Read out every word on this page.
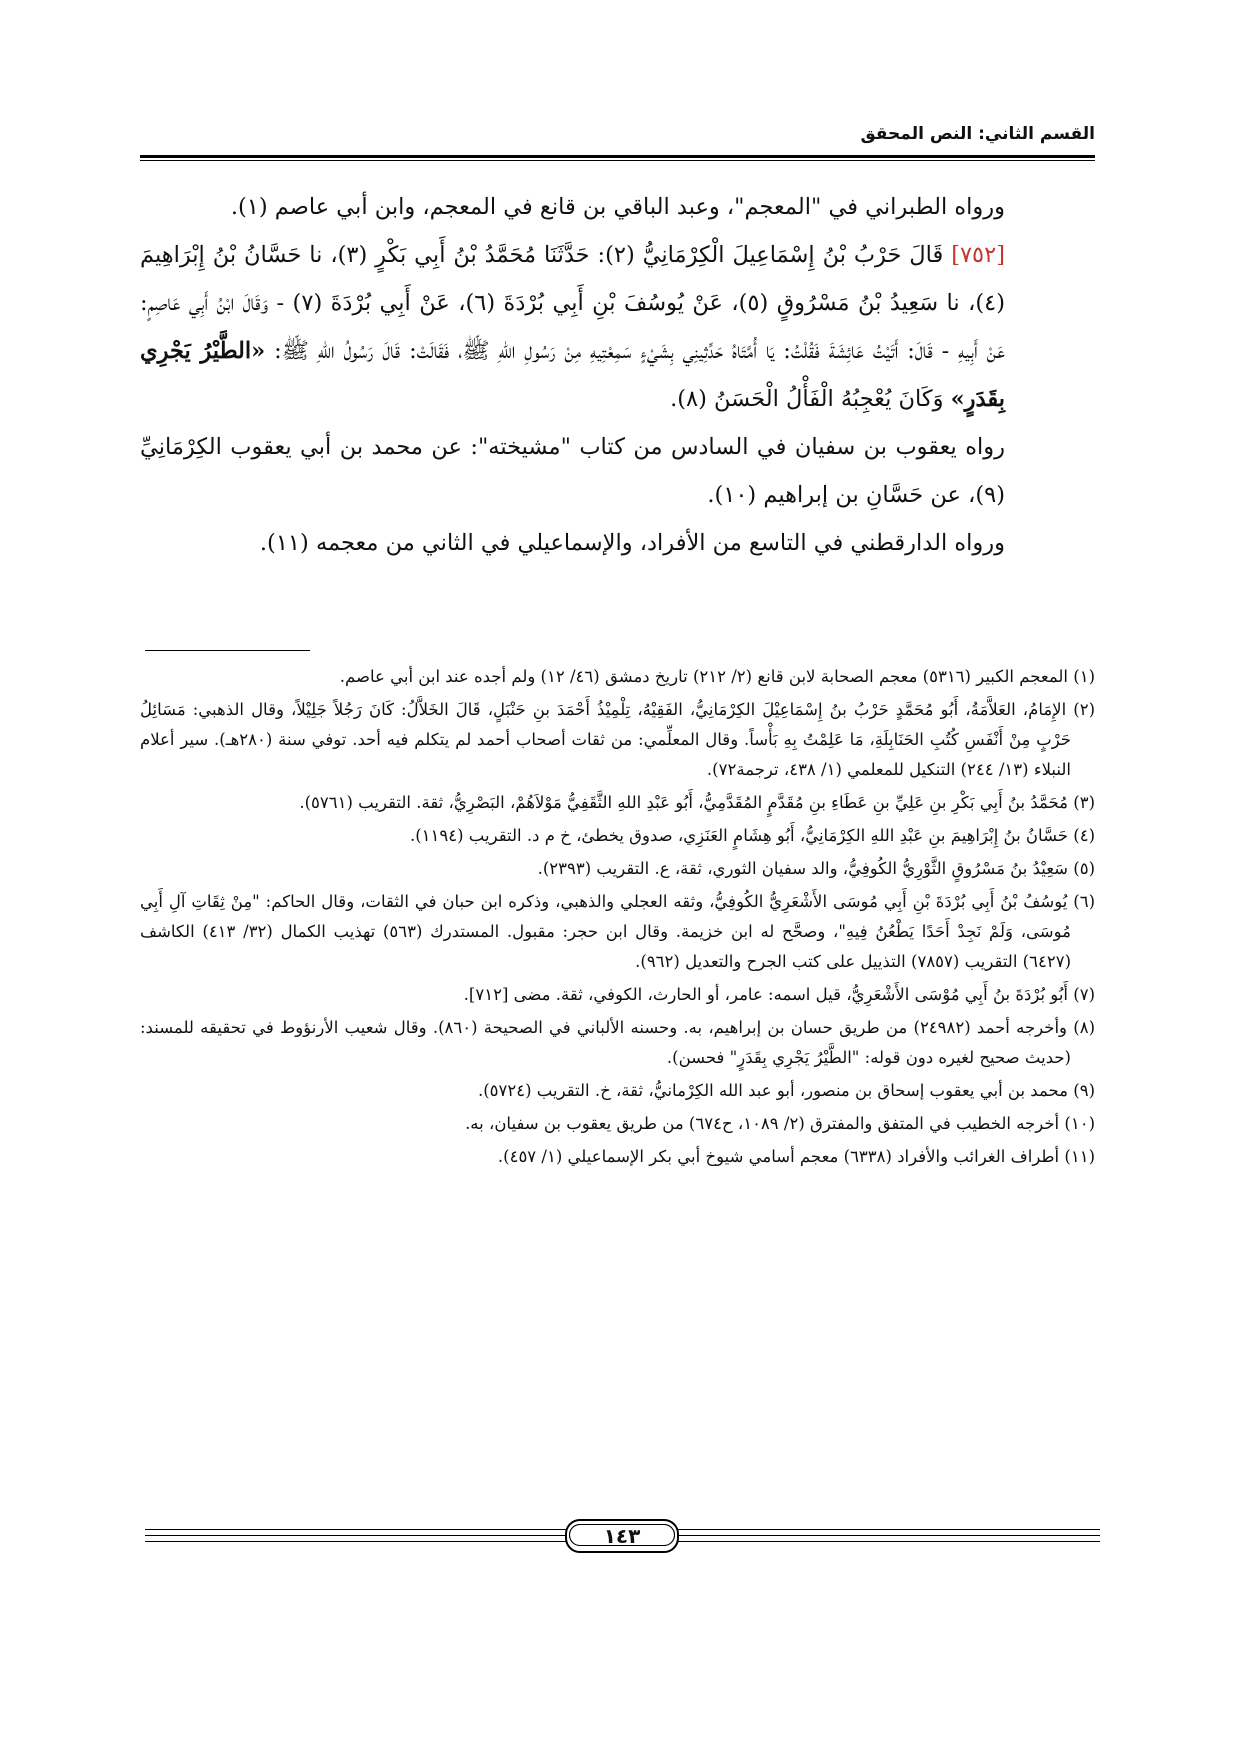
القسم الثاني: النص المحقق

ورواه الطبراني في "المعجم"، وعبد الباقي بن قانع في المعجم، وابن أبي عاصم (١).

[٧٥٢] قَالَ حَرْبُ بْنُ إِسْمَاعِيلَ الْكِرْمَانِيُّ (٢): حَدَّثَنَا مُحَمَّدُ بْنُ أَبِي بَكْرٍ (٣)، نا حَسَّانُ بْنُ إِبْرَاهِيمَ (٤)، نا سَعِيدُ بْنُ مَسْرُوقٍ (٥)، عَنْ يُوسُفَ بْنِ أَبِي بُرْدَةَ (٦)، عَنْ أَبِي بُرْدَةَ (٧) - وَقَالَ ابْنُ أَبِي عَاصِمٍ: عَنْ أَبِيهِ - قَالَ: أَتَيْتُ عَائِشَةَ فَقُلْتُ: يَا أُمَّتَاهُ حَدِّثِينِي بِشَيْءٍ سَمِعْتِيهِ مِنْ رَسُولِ اللهِ ﷺ، فَقَالَتْ: قَالَ رَسُولُ اللهِ ﷺ: «الطَّيْرُ يَجْرِي بِقَدَرٍ» وَكَانَ يُعْجِبُهُ الْفَأْلُ الْحَسَنُ (٨).

رواه يعقوب بن سفيان في السادس من كتاب "مشيخته": عن محمد بن أبي يعقوب الكِرْمَانِيِّ (٩)، عن حَسَّانِ بن إبراهيم (١٠).

ورواه الدارقطني في التاسع من الأفراد، والإسماعيلي في الثاني من معجمه (١١).

(١) المعجم الكبير (٥٣١٦) معجم الصحابة لابن قانع (٢/ ٢١٢) تاريخ دمشق (٤٦/ ١٢) ولم أجده عند ابن أبي عاصم.

(٢) الإِمَامُ، العَلاَّمَةُ، أَبُو مُحَمَّدٍ حَرْبُ بنُ إِسْمَاعِيْلَ الكِرْمَانِيُّ، الفَقِيْهُ، تِلْمِيْذُ أَحْمَدَ بنِ حَنْبَلٍ، قَالَ الخَلاَّلُ: كَانَ رَجُلاً جَلِيْلاً، وقال الذهبي: مَسَائِلُ حَرْبٍ مِنْ أَنْفَسِ كُتُبِ الحَنَابِلَةِ، مَا عَلِمْتُ بِهِ بَأْساً. وقال المعلِّمي: من ثقات أصحاب أحمد لم يتكلم فيه أحد. توفي سنة (٢٨٠هـ). سير أعلام النبلاء (١٣/ ٢٤٤) التنكيل للمعلمي (١/ ٤٣٨، ترجمة٧٢).

(٣) مُحَمَّدُ بنُ أَبِي بَكْرِ بنِ عَلِيِّ بنِ عَطَاءِ بنِ مُقَدَّمٍ المُقَدَّمِيُّ، أَبُو عَبْدِ اللهِ الثَّقَفِيُّ مَوْلاَهُمْ، البَصْرِيُّ، ثقة. التقريب (٥٧٦١).

(٤) حَسَّانُ بنُ إِبْرَاهِيمَ بنِ عَبْدِ اللهِ الكِرْمَانِيُّ، أَبُو هِشَامٍ العَنَزِي، صدوق يخطئ، خ م د. التقريب (١١٩٤).

(٥) سَعِيْدُ بنُ مَسْرُوقٍ الثَّوْرِيُّ الكُوفِيُّ، والد سفيان الثوري، ثقة، ع. التقريب (٢٣٩٣).

(٦) يُوسُفُ بْنُ أَبِي بُرْدَةَ بْنِ أَبِي مُوسَى الأَشْعَرِيُّ الكُوفِيُّ، وثقه العجلي والذهبي، وذكره ابن حبان في الثقات، وقال الحاكم: "مِنْ ثِقَاتِ آلِ أَبِي مُوسَى، وَلَمْ نَجِدْ أَحَدًا يَطْعُنُ فِيهِ"، وصحَّح له ابن خزيمة. وقال ابن حجر: مقبول. المستدرك (٥٦٣) تهذيب الكمال (٣٢/ ٤١٣) الكاشف (٦٤٢٧) التقريب (٧٨٥٧) التذييل على كتب الجرح والتعديل (٩٦٢).

(٧) أَبُو بُرْدَةَ بنُ أَبِي مُوْسَى الأَشْعَرِيُّ، قيل اسمه: عامر، أو الحارث، الكوفي، ثقة. مضى [٧١٢].

(٨) وأخرجه أحمد (٢٤٩٨٢) من طريق حسان بن إبراهيم، به. وحسنه الألباني في الصحيحة (٨٦٠). وقال شعيب الأرنؤوط في تحقيقه للمسند: (حديث صحيح لغيره دون قوله: "الطَّيْرُ يَجْرِي بِقَدَرٍ" فحسن).

(٩) محمد بن أبي يعقوب إسحاق بن منصور، أبو عبد الله الكِرْمانيُّ، ثقة، خ. التقريب (٥٧٢٤).

(١٠) أخرجه الخطيب في المتفق والمفترق (٢/ ١٠٨٩، ح٦٧٤) من طريق يعقوب بن سفيان، به.

(١١) أطراف الغرائب والأفراد (٦٣٣٨) معجم أسامي شيوخ أبي بكر الإسماعيلي (١/ ٤٥٧).

١٤٣
